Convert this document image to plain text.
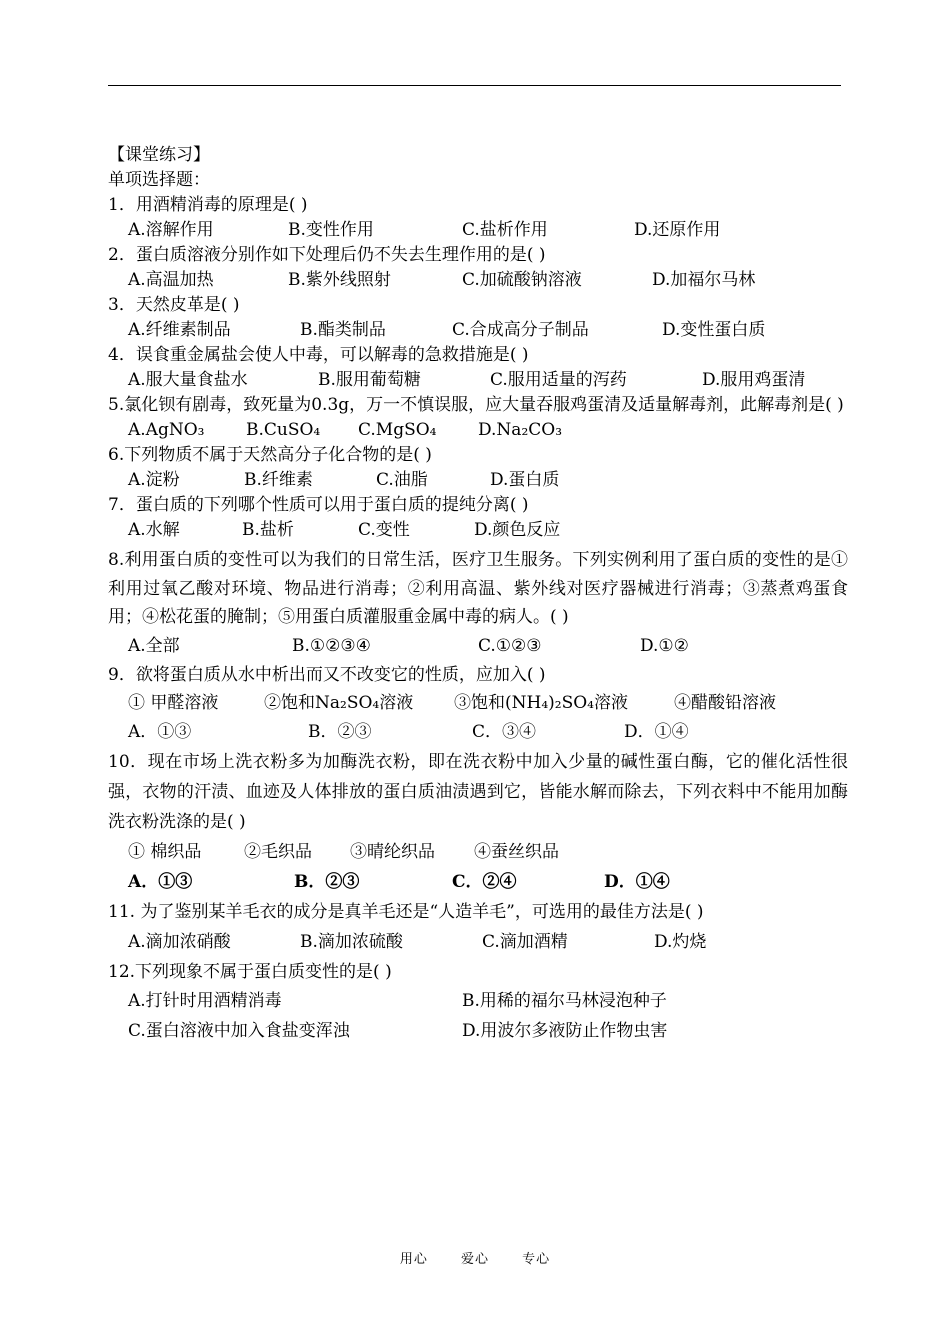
【课堂练习】
单项选择题：
1．用酒精消毒的原理是( )
A.溶解作用	B.变性作用	C.盐析作用	D.还原作用
2．蛋白质溶液分别作如下处理后仍不失去生理作用的是( )
A.高温加热	B.紫外线照射	C.加硫酸钠溶液	D.加福尔马林
3．天然皮革是( )
A.纤维素制品	B.酯类制品	C.合成高分子制品	D.变性蛋白质
4．误食重金属盐会使人中毒，可以解毒的急救措施是( )
A.服大量食盐水	B.服用葡萄糖	C.服用适量的泻药	D.服用鸡蛋清
5.氯化钡有剧毒，致死量为0.3g，万一不慎误服，应大量吞服鸡蛋清及适量解毒剂，此解毒剂是( )
A.AgNO₃	B.CuSO₄	C.MgSO₄	D.Na₂CO₃
6.下列物质不属于天然高分子化合物的是( )
A.淀粉	B.纤维素	C.油脂	D.蛋白质
7．蛋白质的下列哪个性质可以用于蛋白质的提纯分离( )
A.水解	B.盐析	C.变性	D.颜色反应
8.利用蛋白质的变性可以为我们的日常生活，医疗卫生服务。下列实例利用了蛋白质的变性的是①利用过氧乙酸对环境、物品进行消毒；②利用高温、紫外线对医疗器械进行消毒；③蒸煮鸡蛋食用；④松花蛋的腌制；⑤用蛋白质灌服重金属中毒的病人。( )
A.全部	B.①②③④	C.①②③	D.①②
9．欲将蛋白质从水中析出而又不改变它的性质，应加入( )
① 甲醛溶液	②饱和Na₂SO₄溶液	③饱和(NH₄)₂SO₄溶液	④醋酸铅溶液
A．①③	B．②③	C．③④	D．①④
10．现在市场上洗衣粉多为加酶洗衣粉，即在洗衣粉中加入少量的碱性蛋白酶，它的催化活性很强，衣物的汗渍、血迹及人体排放的蛋白质油渍遇到它，皆能水解而除去，下列衣料中不能用加酶洗衣粉洗涤的是( )
① 棉织品	②毛织品	③晴纶织品	④蚕丝织品
A．①③	B．②③	C．②④	D．①④
11. 为了鉴别某羊毛衣的成分是真羊毛还是“人造羊毛”，可选用的最佳方法是( )
A.滴加浓硝酸	B.滴加浓硫酸	C.滴加酒精	D.灼烧
12.下列现象不属于蛋白质变性的是( )
A.打针时用酒精消毒	B.用稀的福尔马林浸泡种子
C.蛋白溶液中加入食盐变浑浊	D.用波尔多液防止作物虫害
用心	爱心	专心
